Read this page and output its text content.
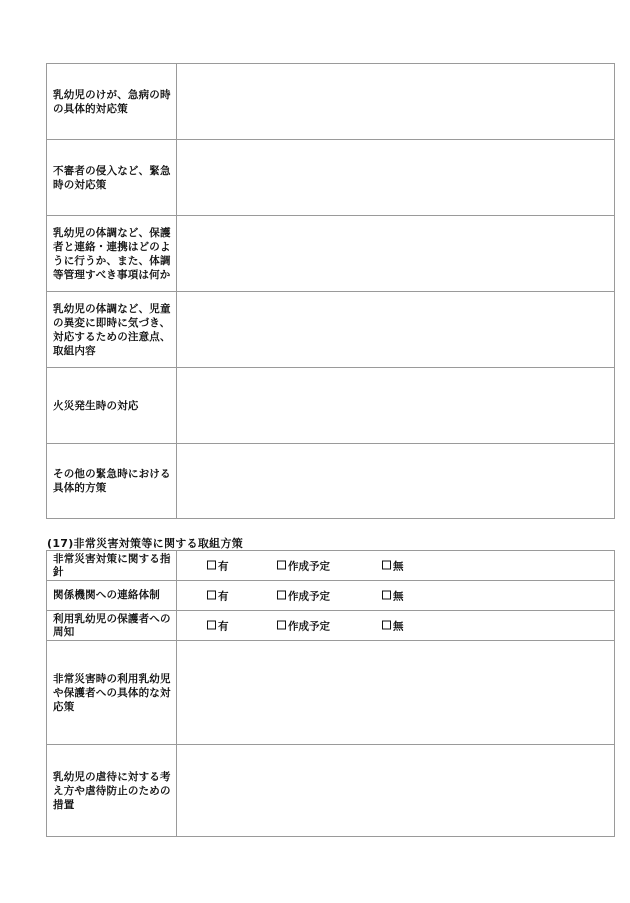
乳幼児のけが、急病の時の具体的対応策	
不審者の侵入など、緊急時の対応策	
乳幼児の体調など、保護者と連絡・連携はどのように行うか、また、体調等管理すべき事項は何か	
乳幼児の体調など、児童の異変に即時に気づき、対応するための注意点、取組内容	
火災発生時の対応	
その他の緊急時における具体的方策	
(17)非常災害対策等に関する取組方策
非常災害対策に関する指針	有 作成予定 無

関係機関への連絡体制	有 作成予定 無

利用乳幼児の保護者への周知	有 作成予定 無

非常災害時の利用乳幼児や保護者への具体的な対応策	
乳幼児の虐待に対する考え方や虐待防止のための措置	
